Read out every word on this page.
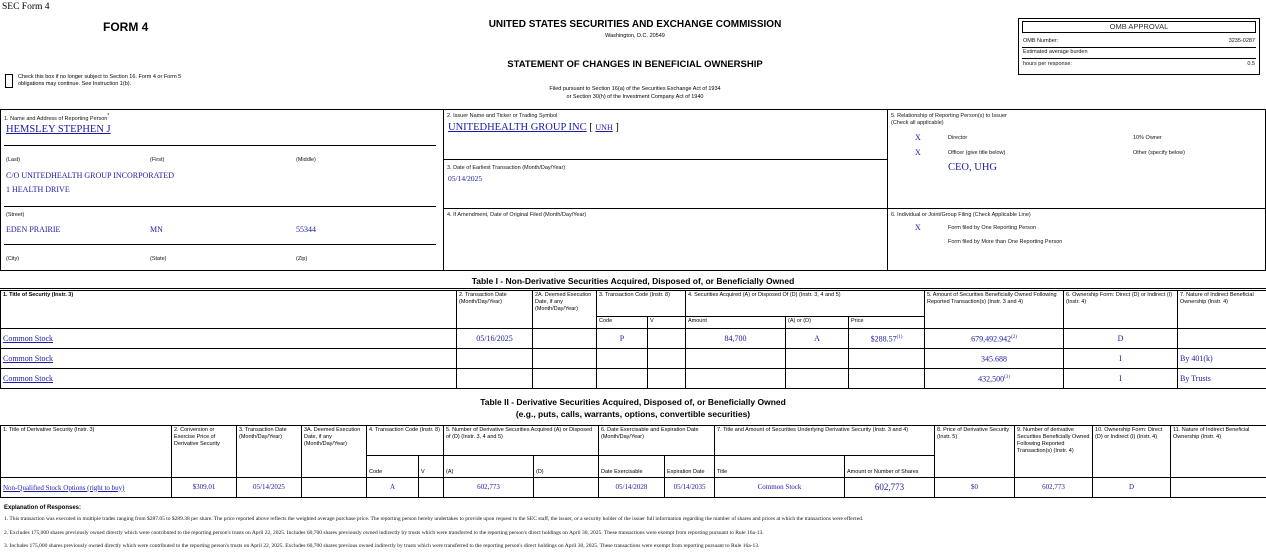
SEC Form 4
FORM 4	UNITED STATES SECURITIES AND EXCHANGE COMMISSION
Washington, D.C. 20549
STATEMENT OF CHANGES IN BENEFICIAL OWNERSHIP
Filed pursuant to Section 16(a) of the Securities Exchange Act of 1934
or Section 30(h) of the Investment Company Act of 1940
Check this box if no longer subject to Section 16. Form 4 or Form 5
obligations may continue. See Instruction 1(b).
OMB APPROVAL
OMB Number:	3235-0287
Estimated average burden
hours per response:	0.5
1. Name and Address of Reporting Person*
HEMSLEY STEPHEN J
(Last)	(First)	(Middle)
C/O UNITEDHEALTH GROUP INCORPORATED
1 HEALTH DRIVE
(Street)
EDEN PRAIRIE	MN	55344
(City)	(State)	(Zip)
2. Issuer Name and Ticker or Trading Symbol
UNITEDHEALTH GROUP INC [ UNH ]
3. Date of Earliest Transaction (Month/Day/Year)
05/14/2025
4. If Amendment, Date of Original Filed (Month/Day/Year)
5. Relationship of Reporting Person(s) to Issuer
(Check all applicable)
X	Director	10% Owner
X	Officer (give title below)	Other (specify below)
CEO, UHG
6. Individual or Joint/Group Filing (Check Applicable Line)
X	Form filed by One Reporting Person
Form filed by More than One Reporting Person
Table I - Non-Derivative Securities Acquired, Disposed of, or Beneficially Owned
1. Title of Security (Instr. 3)	2. Transaction Date (Month/Day/Year)	2A. Deemed Execution Date, if any (Month/Day/Year)	3. Transaction Code (Instr. 8)		4. Securities Acquired (A) or Disposed Of (D) (Instr. 3, 4 and 5)			5. Amount of Securities Beneficially Owned Following Reported Transaction(s) (Instr. 3 and 4)	6. Ownership Form: Direct (D) or Indirect (I) (Instr. 4)	7. Nature of Indirect Beneficial Ownership (Instr. 4)
			Code	V	Amount	(A) or (D)	Price			
Common Stock	05/16/2025		P		84,700	A	$288.57$^{(1)}$	679,492.942$^{(2)}$	D	
Common Stock								345.688	I	By 401(k)
Common Stock								432,500$^{(3)}$	I	By Trusts
Table II - Derivative Securities Acquired, Disposed of, or Beneficially Owned
(e.g., puts, calls, warrants, options, convertible securities)
1. Title of Derivative Security (Instr. 3)	2. Conversion or Exercise Price of Derivative Security	3. Transaction Date (Month/Day/Year)	3A. Deemed Execution Date, if any (Month/Day/Year)	4. Transaction Code (Instr. 8)		5. Number of Derivative Securities Acquired (A) or Disposed of (D) (Instr. 3, 4 and 5)		6. Date Exercisable and Expiration Date (Month/Day/Year)		7. Title and Amount of Securities Underlying Derivative Security (Instr. 3 and 4)		8. Price of Derivative Security (Instr. 5)	9. Number of derivative Securities Beneficially Owned Following Reported Transaction(s) (Instr. 4)	10. Ownership Form: Direct (D) or Indirect (I) (Instr. 4)	11. Nature of Indirect Beneficial Ownership (Instr. 4)
				Code	V	(A)	(D)	Date Exercisable	Expiration Date	Title	Amount or Number of Shares				
Non-Qualified Stock Options (right to buy)	$309.01	05/14/2025		A		602,773		05/14/2028	05/14/2035	Common Stock	602,773	$0	602,773	D	
Explanation of Responses:
1. This transaction was executed in multiple trades ranging from $287.05 to $289.38 per share. The price reported above reflects the weighted average purchase price. The reporting person hereby undertakes to provide upon request to the SEC staff, the issuer, or a security holder of the issuer full information regarding the number of shares and prices at which the transactions were effected.
2. Excludes 175,000 shares previously owned directly which were contributed to the reporting person's trusts on April 22, 2025. Includes 60,700 shares previously owned indirectly by trusts which were transferred to the reporting person's direct holdings on April 30, 2025. These transactions were exempt from reporting pursuant to Rule 16a-13.
3. Includes 175,000 shares previously owned directly which were contributed to the reporting person's trusts on April 22, 2025. Excludes 60,700 shares previous owned indirectly by trusts which were transferred to the reporting person's direct holdings on April 30, 2025. These transactions were exempt from reporting pursuant to Rule 16a-13.
